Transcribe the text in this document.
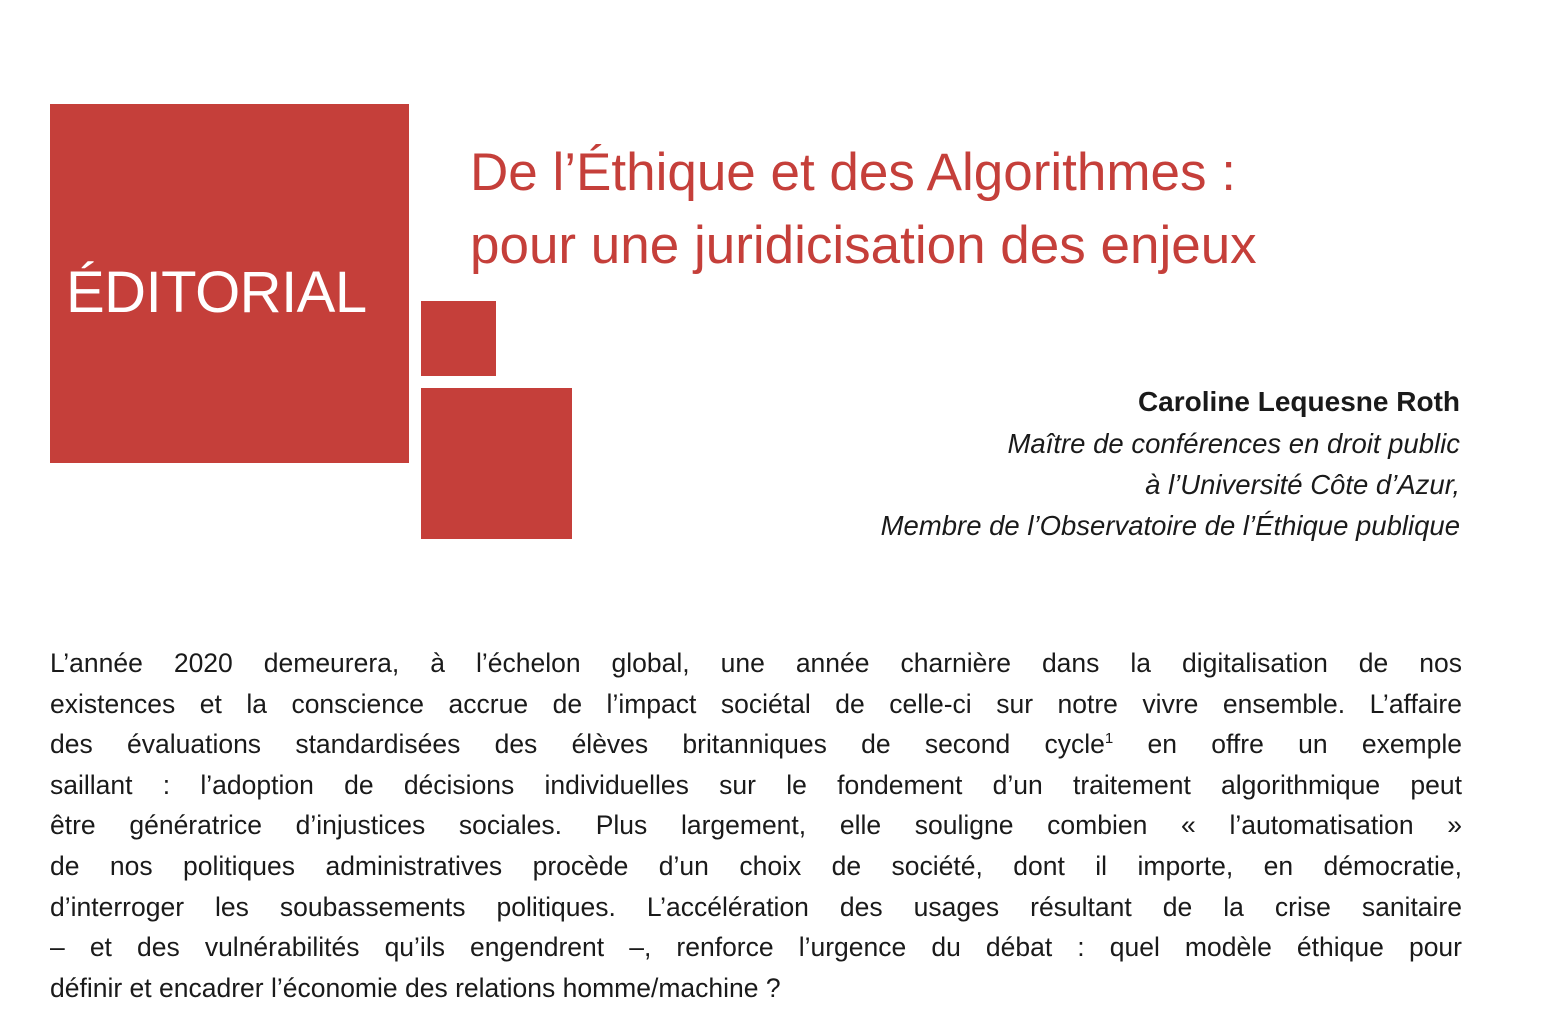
ÉDITORIAL
De l’Éthique et des Algorithmes :
pour une juridicisation des enjeux
Caroline Lequesne Roth
Maître de conférences en droit public
à l’Université Côte d’Azur,
Membre de l’Observatoire de l’Éthique publique
L’année 2020 demeurera, à l’échelon global, une année charnière dans la digitalisation de nos
existences et la conscience accrue de l’impact sociétal de celle-ci sur notre vivre ensemble. L’affaire
des évaluations standardisées des élèves britanniques de second cycle$^1$ en offre un exemple
saillant : l’adoption de décisions individuelles sur le fondement d’un traitement algorithmique peut
être génératrice d’injustices sociales. Plus largement, elle souligne combien « l’automatisation »
de nos politiques administratives procède d’un choix de société, dont il importe, en démocratie,
d’interroger les soubassements politiques. L’accélération des usages résultant de la crise sanitaire
– et des vulnérabilités qu’ils engendrent –, renforce l’urgence du débat : quel modèle éthique pour
définir et encadrer l’économie des relations homme/machine ?
